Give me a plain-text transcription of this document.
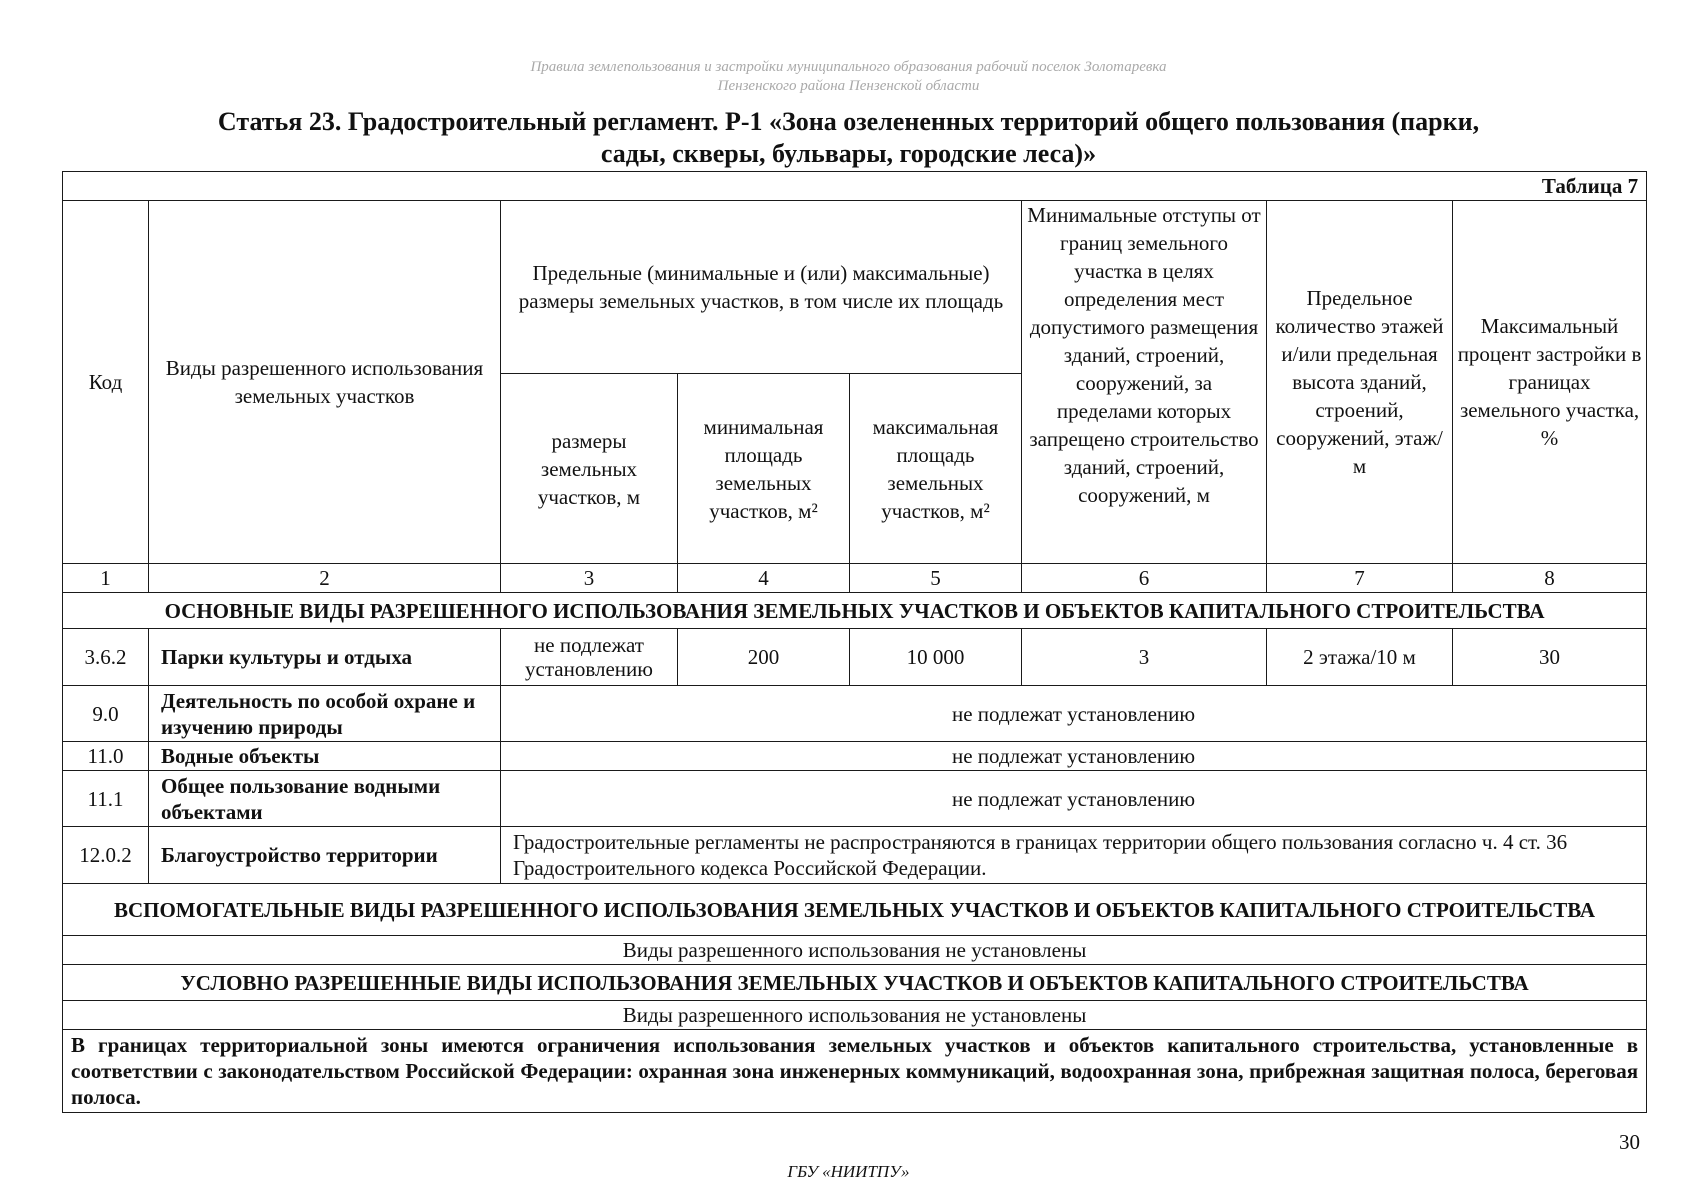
Правила землепользования и застройки муниципального образования рабочий поселок Золотаревка
Пензенского района Пензенской области
Статья 23. Градостроительный регламент. Р-1 «Зона озелененных территорий общего пользования (парки,
сады, скверы, бульвары, городские леса)»
Таблица 7							
Код	Виды разрешенного использования земельных участков	Предельные (минимальные и (или) максимальные) размеры земельных участков, в том числе их площадь			Минимальные отступы от границ земельного участка в целях определения мест допустимого размещения зданий, строений, сооружений, за пределами которых запрещено строительство зданий, строений, сооружений, м	Предельное количество этажей и/или предельная высота зданий, строений, сооружений, этаж/м	Максимальный процент застройки в границах земельного участка, %
		размеры земельных участков, м	минимальная площадь земельных участков, м²	максимальная площадь земельных участков, м²			
1	2	3	4	5	6	7	8
ОСНОВНЫЕ ВИДЫ РАЗРЕШЕННОГО ИСПОЛЬЗОВАНИЯ ЗЕМЕЛЬНЫХ УЧАСТКОВ И ОБЪЕКТОВ КАПИТАЛЬНОГО СТРОИТЕЛЬСТВА							
3.6.2	Парки культуры и отдыха	не подлежат установлению	200	10 000	3	2 этажа/10 м	30
9.0	Деятельность по особой охране и изучению природы	не подлежат установлению					
11.0	Водные объекты	не подлежат установлению					
11.1	Общее пользование водными объектами	не подлежат установлению					
12.0.2	Благоустройство территории	Градостроительные регламенты не распространяются в границах территории общего пользования согласно ч. 4 ст. 36 Градостроительного кодекса Российской Федерации.					
ВСПОМОГАТЕЛЬНЫЕ ВИДЫ РАЗРЕШЕННОГО ИСПОЛЬЗОВАНИЯ ЗЕМЕЛЬНЫХ УЧАСТКОВ И ОБЪЕКТОВ КАПИТАЛЬНОГО СТРОИТЕЛЬСТВА							
Виды разрешенного использования не установлены							
УСЛОВНО РАЗРЕШЕННЫЕ ВИДЫ ИСПОЛЬЗОВАНИЯ ЗЕМЕЛЬНЫХ УЧАСТКОВ И ОБЪЕКТОВ КАПИТАЛЬНОГО СТРОИТЕЛЬСТВА							
Виды разрешенного использования не установлены							
В границах территориальной зоны имеются ограничения использования земельных участков и объектов капитального строительства, установленные в соответствии с законодательством Российской Федерации: охранная зона инженерных коммуникаций, водоохранная зона, прибрежная защитная полоса, береговая полоса.							
30
ГБУ «НИИТПУ»
